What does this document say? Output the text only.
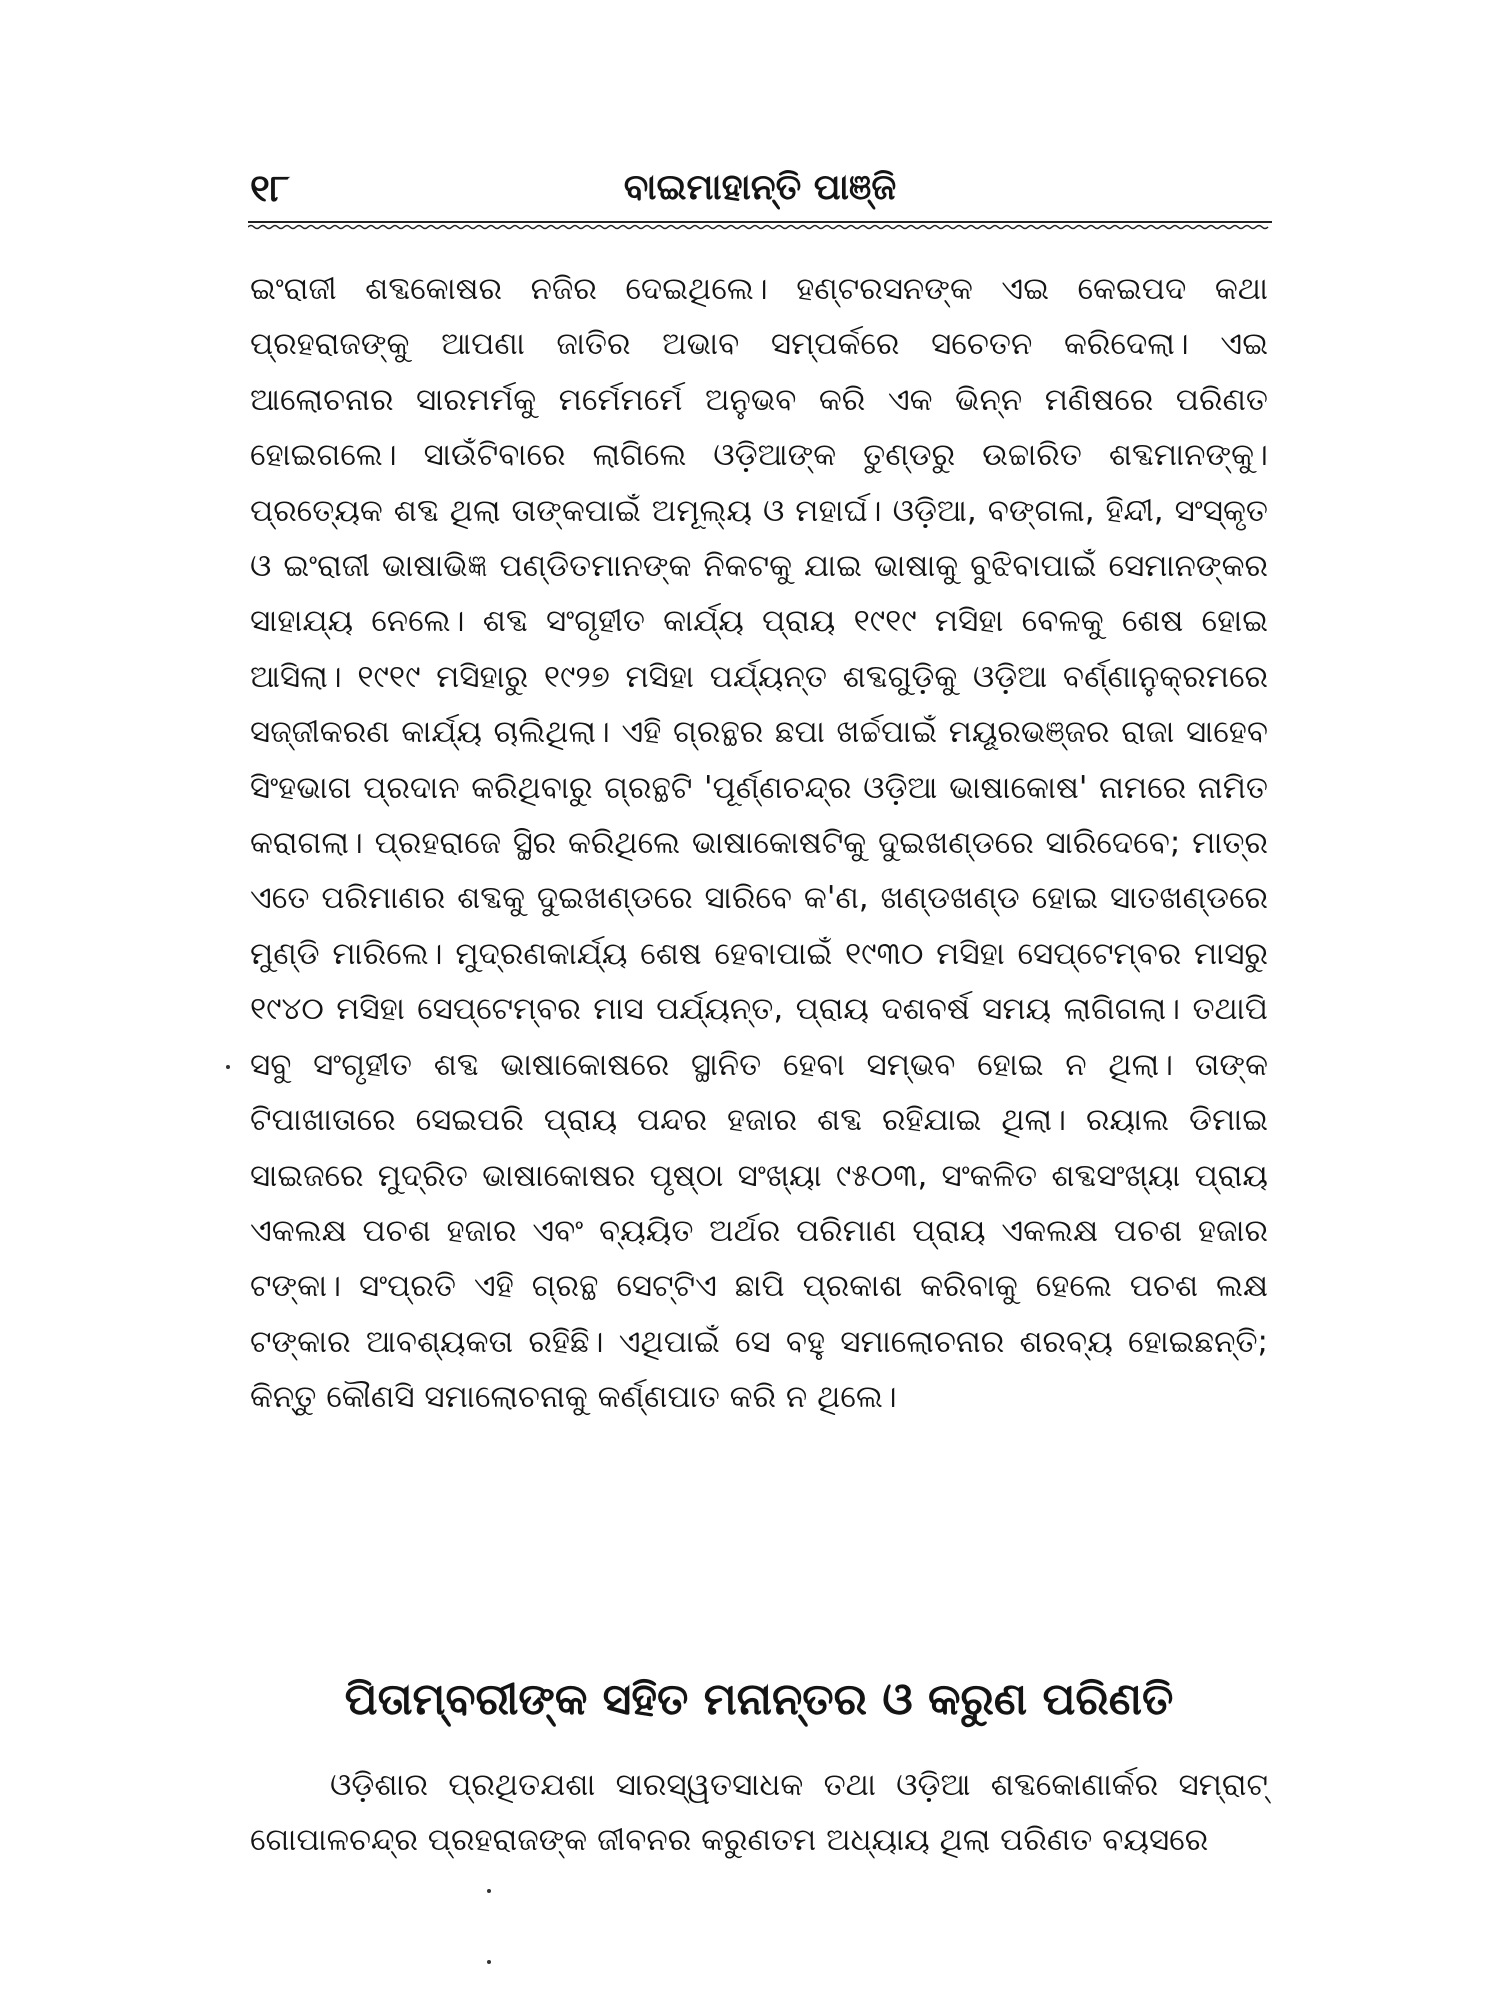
୧୮	ବାଇମାହାନ୍ତି ପାଞ୍ଜି

ଇଂରାଜୀ ଶବ୍ଦକୋଷର ନଜିର ଦେଇଥିଲେ। ହଣ୍ଟରସନଙ୍କ ଏଇ କେଇପଦ କଥା ପ୍ରହରାଜଙ୍କୁ ଆପଣା ଜାତିର ଅଭାବ ସମ୍ପର୍କରେ ସଚେତନ କରିଦେଲା। ଏଇ ଆଲୋଚନାର ସାରମର୍ମକୁ ମର୍ମେମର୍ମେ ଅନୁଭବ କରି ଏକ ଭିନ୍ନ ମଣିଷରେ ପରିଣତ ହୋଇଗଲେ। ସାଉଁଟିବାରେ ଲାଗିଲେ ଓଡ଼ିଆଙ୍କ ତୁଣ୍ଡରୁ ଉଚ୍ଚାରିତ ଶବ୍ଦମାନଙ୍କୁ। ପ୍ରତ୍ୟେକ ଶବ୍ଦ ଥିଲା ତାଙ୍କପାଇଁ ଅମୂଲ୍ୟ ଓ ମହାର୍ଘ। ଓଡ଼ିଆ, ବଙ୍ଗଳା, ହିନ୍ଦୀ, ସଂସ୍କୃତ ଓ ଇଂରାଜୀ ଭାଷାଭିଜ୍ଞ ପଣ୍ଡିତମାନଙ୍କ ନିକଟକୁ ଯାଇ ଭାଷାକୁ ବୁଝିବାପାଇଁ ସେମାନଙ୍କର ସାହାଯ୍ୟ ନେଲେ। ଶବ୍ଦ ସଂଗୃହୀତ କାର୍ଯ୍ୟ ପ୍ରାୟ ୧୯୧୯ ମସିହା ବେଳକୁ ଶେଷ ହୋଇ ଆସିଲା। ୧୯୧୯ ମସିହାରୁ ୧୯୨୭ ମସିହା ପର୍ଯ୍ୟନ୍ତ ଶବ୍ଦଗୁଡ଼ିକୁ ଓଡ଼ିଆ ବର୍ଣ୍ଣାନୁକ୍ରମରେ ସଜ୍ଜୀକରଣ କାର୍ଯ୍ୟ ଚାଲିଥିଲା। ଏହି ଗ୍ରନ୍ଥର ଛପା ଖର୍ଚ୍ଚପାଇଁ ମୟୂରଭଞ୍ଜର ରାଜା ସାହେବ ସିଂହଭାଗ ପ୍ରଦାନ କରିଥିବାରୁ ଗ୍ରନ୍ଥଟି 'ପୂର୍ଣ୍ଣଚନ୍ଦ୍ର ଓଡ଼ିଆ ଭାଷାକୋଷ' ନାମରେ ନାମିତ କରାଗଲା। ପ୍ରହରାଜେ ସ୍ଥିର କରିଥିଲେ ଭାଷାକୋଷଟିକୁ ଦୁଇଖଣ୍ଡରେ ସାରିଦେବେ; ମାତ୍ର ଏତେ ପରିମାଣର ଶବ୍ଦକୁ ଦୁଇଖଣ୍ଡରେ ସାରିବେ କ'ଣ, ଖଣ୍ଡଖଣ୍ଡ ହୋଇ ସାତଖଣ୍ଡରେ ମୁଣ୍ଡି ମାରିଲେ। ମୁଦ୍ରଣକାର୍ଯ୍ୟ ଶେଷ ହେବାପାଇଁ ୧୯୩୦ ମସିହା ସେପ୍ଟେମ୍ବର ମାସରୁ ୧୯୪୦ ମସିହା ସେପ୍ଟେମ୍ବର ମାସ ପର୍ଯ୍ୟନ୍ତ, ପ୍ରାୟ ଦଶବର୍ଷ ସମୟ ଲାଗିଗଲା। ତଥାପି ସବୁ ସଂଗୃହୀତ ଶବ୍ଦ ଭାଷାକୋଷରେ ସ୍ଥାନିତ ହେବା ସମ୍ଭବ ହୋଇ ନ ଥିଲା। ତାଙ୍କ ଟିପାଖାତାରେ ସେଇପରି ପ୍ରାୟ ପନ୍ଦର ହଜାର ଶବ୍ଦ ରହିଯାଇ ଥିଲା। ରୟାଲ ଡିମାଇ ସାଇଜରେ ମୁଦ୍ରିତ ଭାଷାକୋଷର ପୃଷ୍ଠା ସଂଖ୍ୟା ୯୫୦୩, ସଂକଳିତ ଶବ୍ଦସଂଖ୍ୟା ପ୍ରାୟ ଏକଲକ୍ଷ ପଚଶ ହଜାର ଏବଂ ବ୍ୟୟିତ ଅର୍ଥର ପରିମାଣ ପ୍ରାୟ ଏକଲକ୍ଷ ପଚଶ ହଜାର ଟଙ୍କା। ସଂପ୍ରତି ଏହି ଗ୍ରନ୍ଥ ସେଟ୍‌ଟିଏ ଛାପି ପ୍ରକାଶ କରିବାକୁ ହେଲେ ପଚଶ ଲକ୍ଷ ଟଙ୍କାର ଆବଶ୍ୟକତା ରହିଛି। ଏଥିପାଇଁ ସେ ବହୁ ସମାଲୋଚନାର ଶରବ୍ୟ ହୋଇଛନ୍ତି; କିନ୍ତୁ କୌଣସି ସମାଲୋଚନାକୁ କର୍ଣ୍ଣପାତ କରି ନ ଥିଲେ।

ପିତାମ୍ବରୀଙ୍କ ସହିତ ମନାନ୍ତର ଓ କରୁଣ ପରିଣତି

ଓଡ଼ିଶାର ପ୍ରଥିତଯଶା ସାରସ୍ୱତସାଧକ ତଥା ଓଡ଼ିଆ ଶବ୍ଦକୋଣାର୍କର ସମ୍ରାଟ୍ ଗୋପାଳଚନ୍ଦ୍ର ପ୍ରହରାଜଙ୍କ ଜୀବନର କରୁଣତମ ଅଧ୍ୟାୟ ଥିଲା ପରିଣତ ବୟସରେ
